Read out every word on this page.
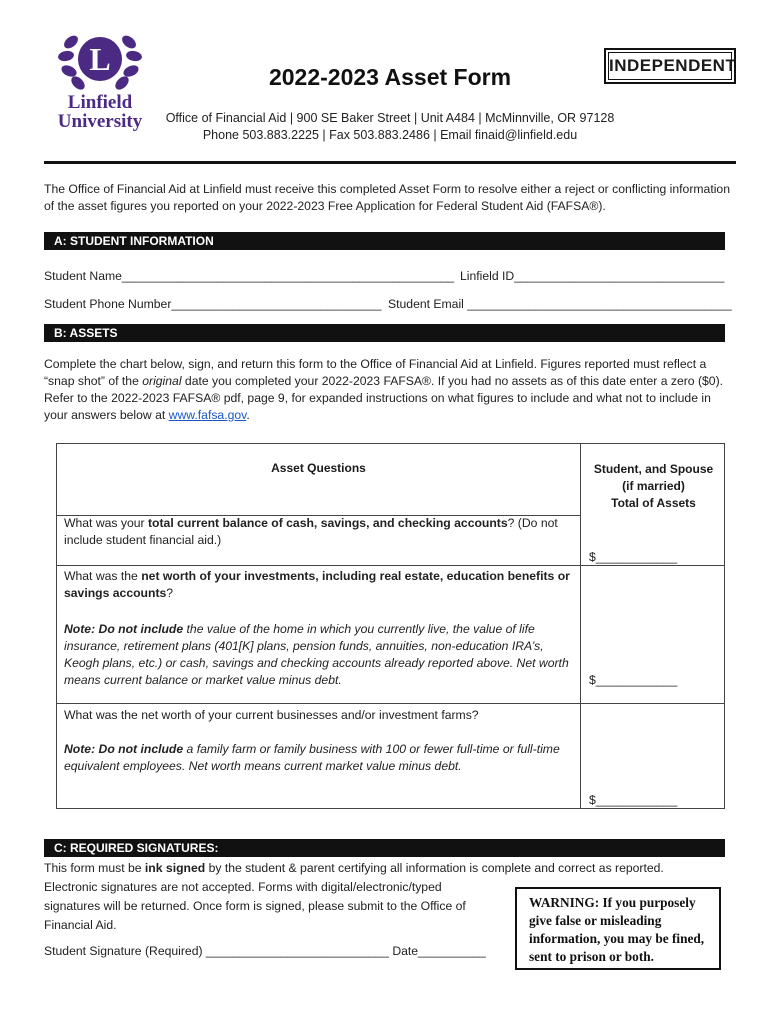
L
Linfield
University
2022-2023 Asset Form	INDEPENDENT
Office of Financial Aid | 900 SE Baker Street | Unit A484 | McMinnville, OR 97128
Phone 503.883.2225 | Fax 503.883.2486 | Email finaid@linfield.edu
The Office of Financial Aid at Linfield must receive this completed Asset Form to resolve either a reject or conflicting information of the asset figures you reported on your 2022-2023 Free Application for Federal Student Aid (FAFSA®).
A: STUDENT INFORMATION
Student Name_________________________________________________ Linfield ID_______________________________
Student Phone Number_______________________________ Student Email _______________________________________
B: ASSETS
Complete the chart below, sign, and return this form to the Office of Financial Aid at Linfield. Figures reported must reflect a “snap shot” of the original date you completed your 2022-2023 FAFSA®. If you had no assets as of this date enter a zero ($0). Refer to the 2022-2023 FAFSA® pdf, page 9, for expanded instructions on what figures to include and what not to include in your answers below at www.fafsa.gov.
Asset Questions	Student, and Spouse
(if married)
Total of Assets
What was your total current balance of cash, savings, and checking accounts? (Do not include student financial aid.)
$____________
What was the net worth of your investments, including real estate, education benefits or savings accounts?
Note: Do not include the value of the home in which you currently live, the value of life insurance, retirement plans (401[K] plans, pension funds, annuities, non-education IRA’s, Keogh plans, etc.) or cash, savings and checking accounts already reported above. Net worth means current balance or market value minus debt.	$____________
What was the net worth of your current businesses and/or investment farms?
Note: Do not include a family farm or family business with 100 or fewer full-time or full-time equivalent employees. Net worth means current market value minus debt.
$____________
C: REQUIRED SIGNATURES:
This form must be ink signed by the student & parent certifying all information is complete and correct as reported.
Electronic signatures are not accepted. Forms with digital/electronic/typed
signatures will be returned. Once form is signed, please submit to the Office of
Financial Aid.
Student Signature (Required) ___________________________ Date__________
WARNING: If you purposely give false or misleading information, you may be fined, sent to prison or both.
